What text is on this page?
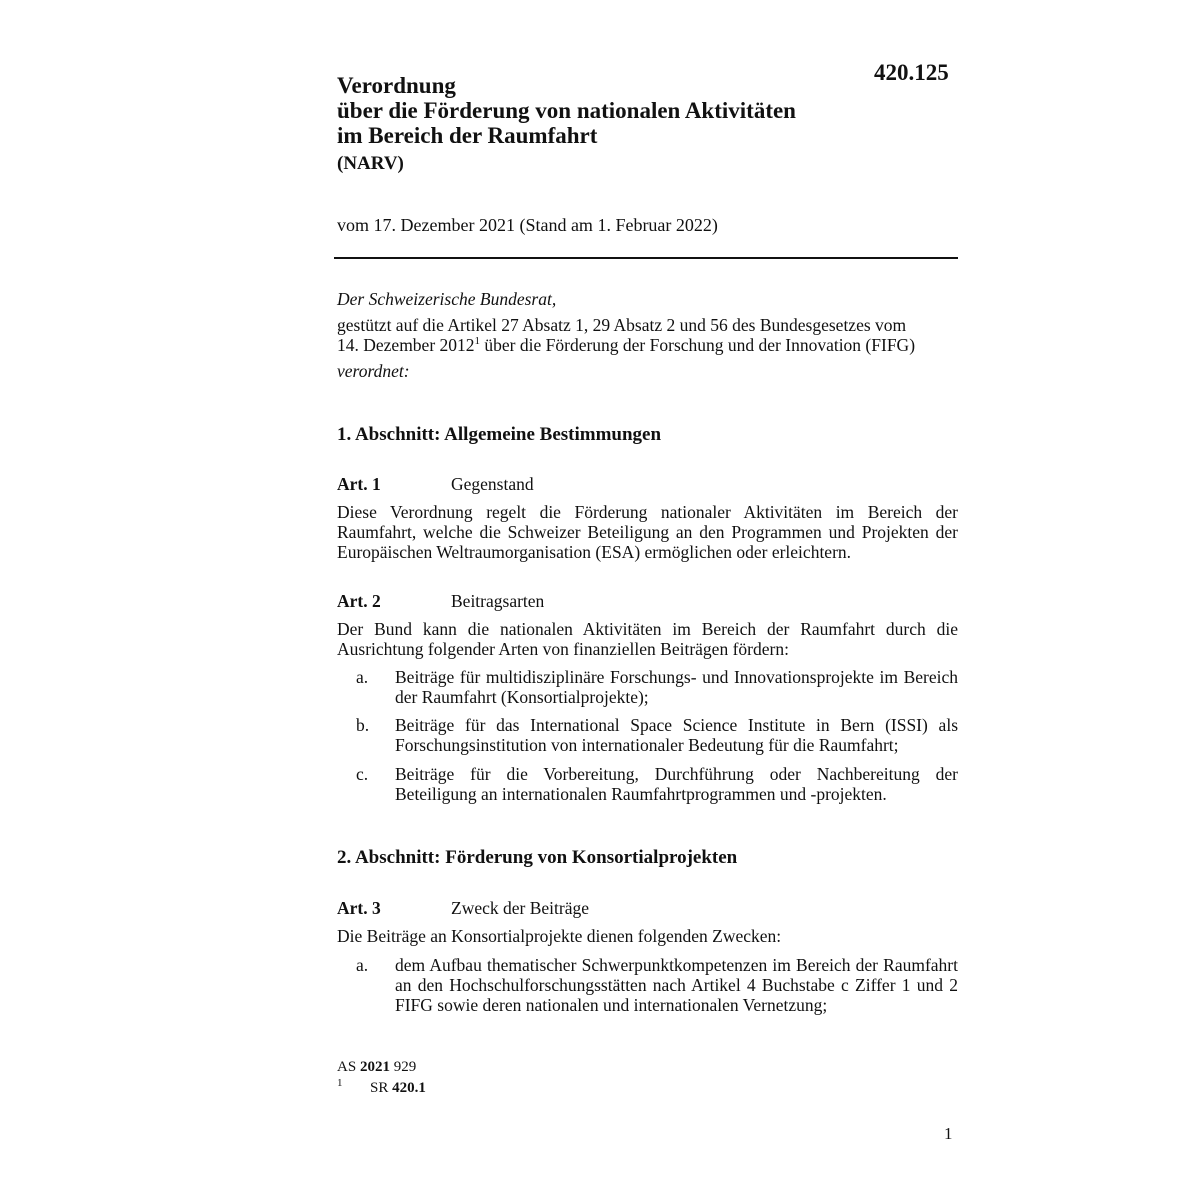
420.125
Verordnung
über die Förderung von nationalen Aktivitäten
im Bereich der Raumfahrt
(NARV)
vom 17. Dezember 2021 (Stand am 1. Februar 2022)
Der Schweizerische Bundesrat,
gestützt auf die Artikel 27 Absatz 1, 29 Absatz 2 und 56 des Bundesgesetzes vom
14. Dezember 2012$^1$ über die Förderung der Forschung und der Innovation (FIFG)
verordnet:
1. Abschnitt: Allgemeine Bestimmungen
Art. 1	Gegenstand
Diese Verordnung regelt die Förderung nationaler Aktivitäten im Bereich der Raumfahrt, welche die Schweizer Beteiligung an den Programmen und Projekten der Europäischen Weltraumorganisation (ESA) ermöglichen oder erleichtern.
Art. 2	Beitragsarten
Der Bund kann die nationalen Aktivitäten im Bereich der Raumfahrt durch die Ausrichtung folgender Arten von finanziellen Beiträgen fördern:
a. Beiträge für multidisziplinäre Forschungs- und Innovationsprojekte im Bereich der Raumfahrt (Konsortialprojekte);
b. Beiträge für das International Space Science Institute in Bern (ISSI) als Forschungsinstitution von internationaler Bedeutung für die Raumfahrt;
c. Beiträge für die Vorbereitung, Durchführung oder Nachbereitung der Beteiligung an internationalen Raumfahrtprogrammen und -projekten.
2. Abschnitt: Förderung von Konsortialprojekten
Art. 3	Zweck der Beiträge
Die Beiträge an Konsortialprojekte dienen folgenden Zwecken:
a. dem Aufbau thematischer Schwerpunktkompetenzen im Bereich der Raumfahrt an den Hochschulforschungsstätten nach Artikel 4 Buchstabe c Ziffer 1 und 2 FIFG sowie deren nationalen und internationalen Vernetzung;
AS 2021 929
1 SR 420.1
1
